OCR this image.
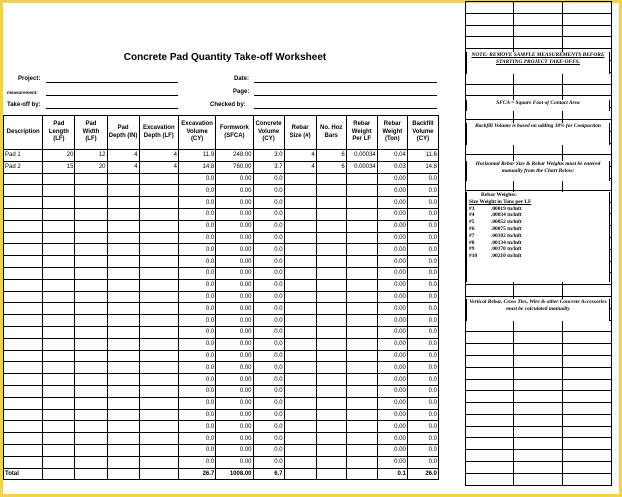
Concrete Pad Quantity Take-off Worksheet
Project:
measurement:
Take-off by:
Date:
Page:
Checked by:
Description	Pad Length (LF)	Pad Width (LF)	Pad Depth (IN)	Excavation Depth (LF)	Excavation Volume (CY)	Formwork (SFCA)	Concrete Volume (CY)	Rebar Size (#)	No. Hoz Bars	Rebar Weight Per LF	Rebar Weight (Ton)	Backfill Volume (CY)
Pad 1	20	12	4	4	11.9	248.00	3.0	4	6	0.00034	0.04	11.6
Pad 2	15	20	4	4	14.8	760.00	3.7	4	6	0.00034	0.03	14.8
					0.0	0.00	0.0				0.00	0.0
					0.0	0.00	0.0				0.00	0.0
					0.0	0.00	0.0				0.00	0.0
					0.0	0.00	0.0				0.00	0.0
					0.0	0.00	0.0				0.00	0.0
					0.0	0.00	0.0				0.00	0.0
					0.0	0.00	0.0				0.00	0.0
					0.0	0.00	0.0				0.00	0.0
					0.0	0.00	0.0				0.00	0.0
					0.0	0.00	0.0				0.00	0.0
					0.0	0.00	0.0				0.00	0.0
					0.0	0.00	0.0				0.00	0.0
					0.0	0.00	0.0				0.00	0.0
					0.0	0.00	0.0				0.00	0.0
					0.0	0.00	0.0				0.00	0.0
					0.0	0.00	0.0				0.00	0.0
					0.0	0.00	0.0				0.00	0.0
					0.0	0.00	0.0				0.00	0.0
					0.0	0.00	0.0				0.00	0.0
					0.0	0.00	0.0				0.00	0.0
					0.0	0.00	0.0				0.00	0.0
					0.0	0.00	0.0				0.00	0.0
					0.0	0.00	0.0				0.00	0.0
					0.0	0.00	0.0				0.00	0.0
					0.0	0.00	0.0				0.00	0.0
Total					26.7	1008.00	6.7				0.1	26.0

NOTE: REMOVE SAMPLE MEASUREMENTS BEFORE STARTING PROJECT TAKE-OFFS.
SFCA = Square Foot of Contact Area
Backfill Volume is based on adding 30% for Compaction
Horizontal Rebar Size & Rebar Weights must be entered manually from the Chart Below:
Rebar Weights:
Size Weight in Tons per LF
#3	.00019 tn/lnft
#4	.00034 tn/lnft
#5	.00052 tn/lnft
#6	.00075 tn/lnft
#7	.00102 tn/lnft
#8	.00134 tn/lnft
#9	.00170 tn/lnft
#10	.00210 tn/lnft
Vertical Rebar, Cross Ties, Wire & other Concrete Accessories must be calculated manually
